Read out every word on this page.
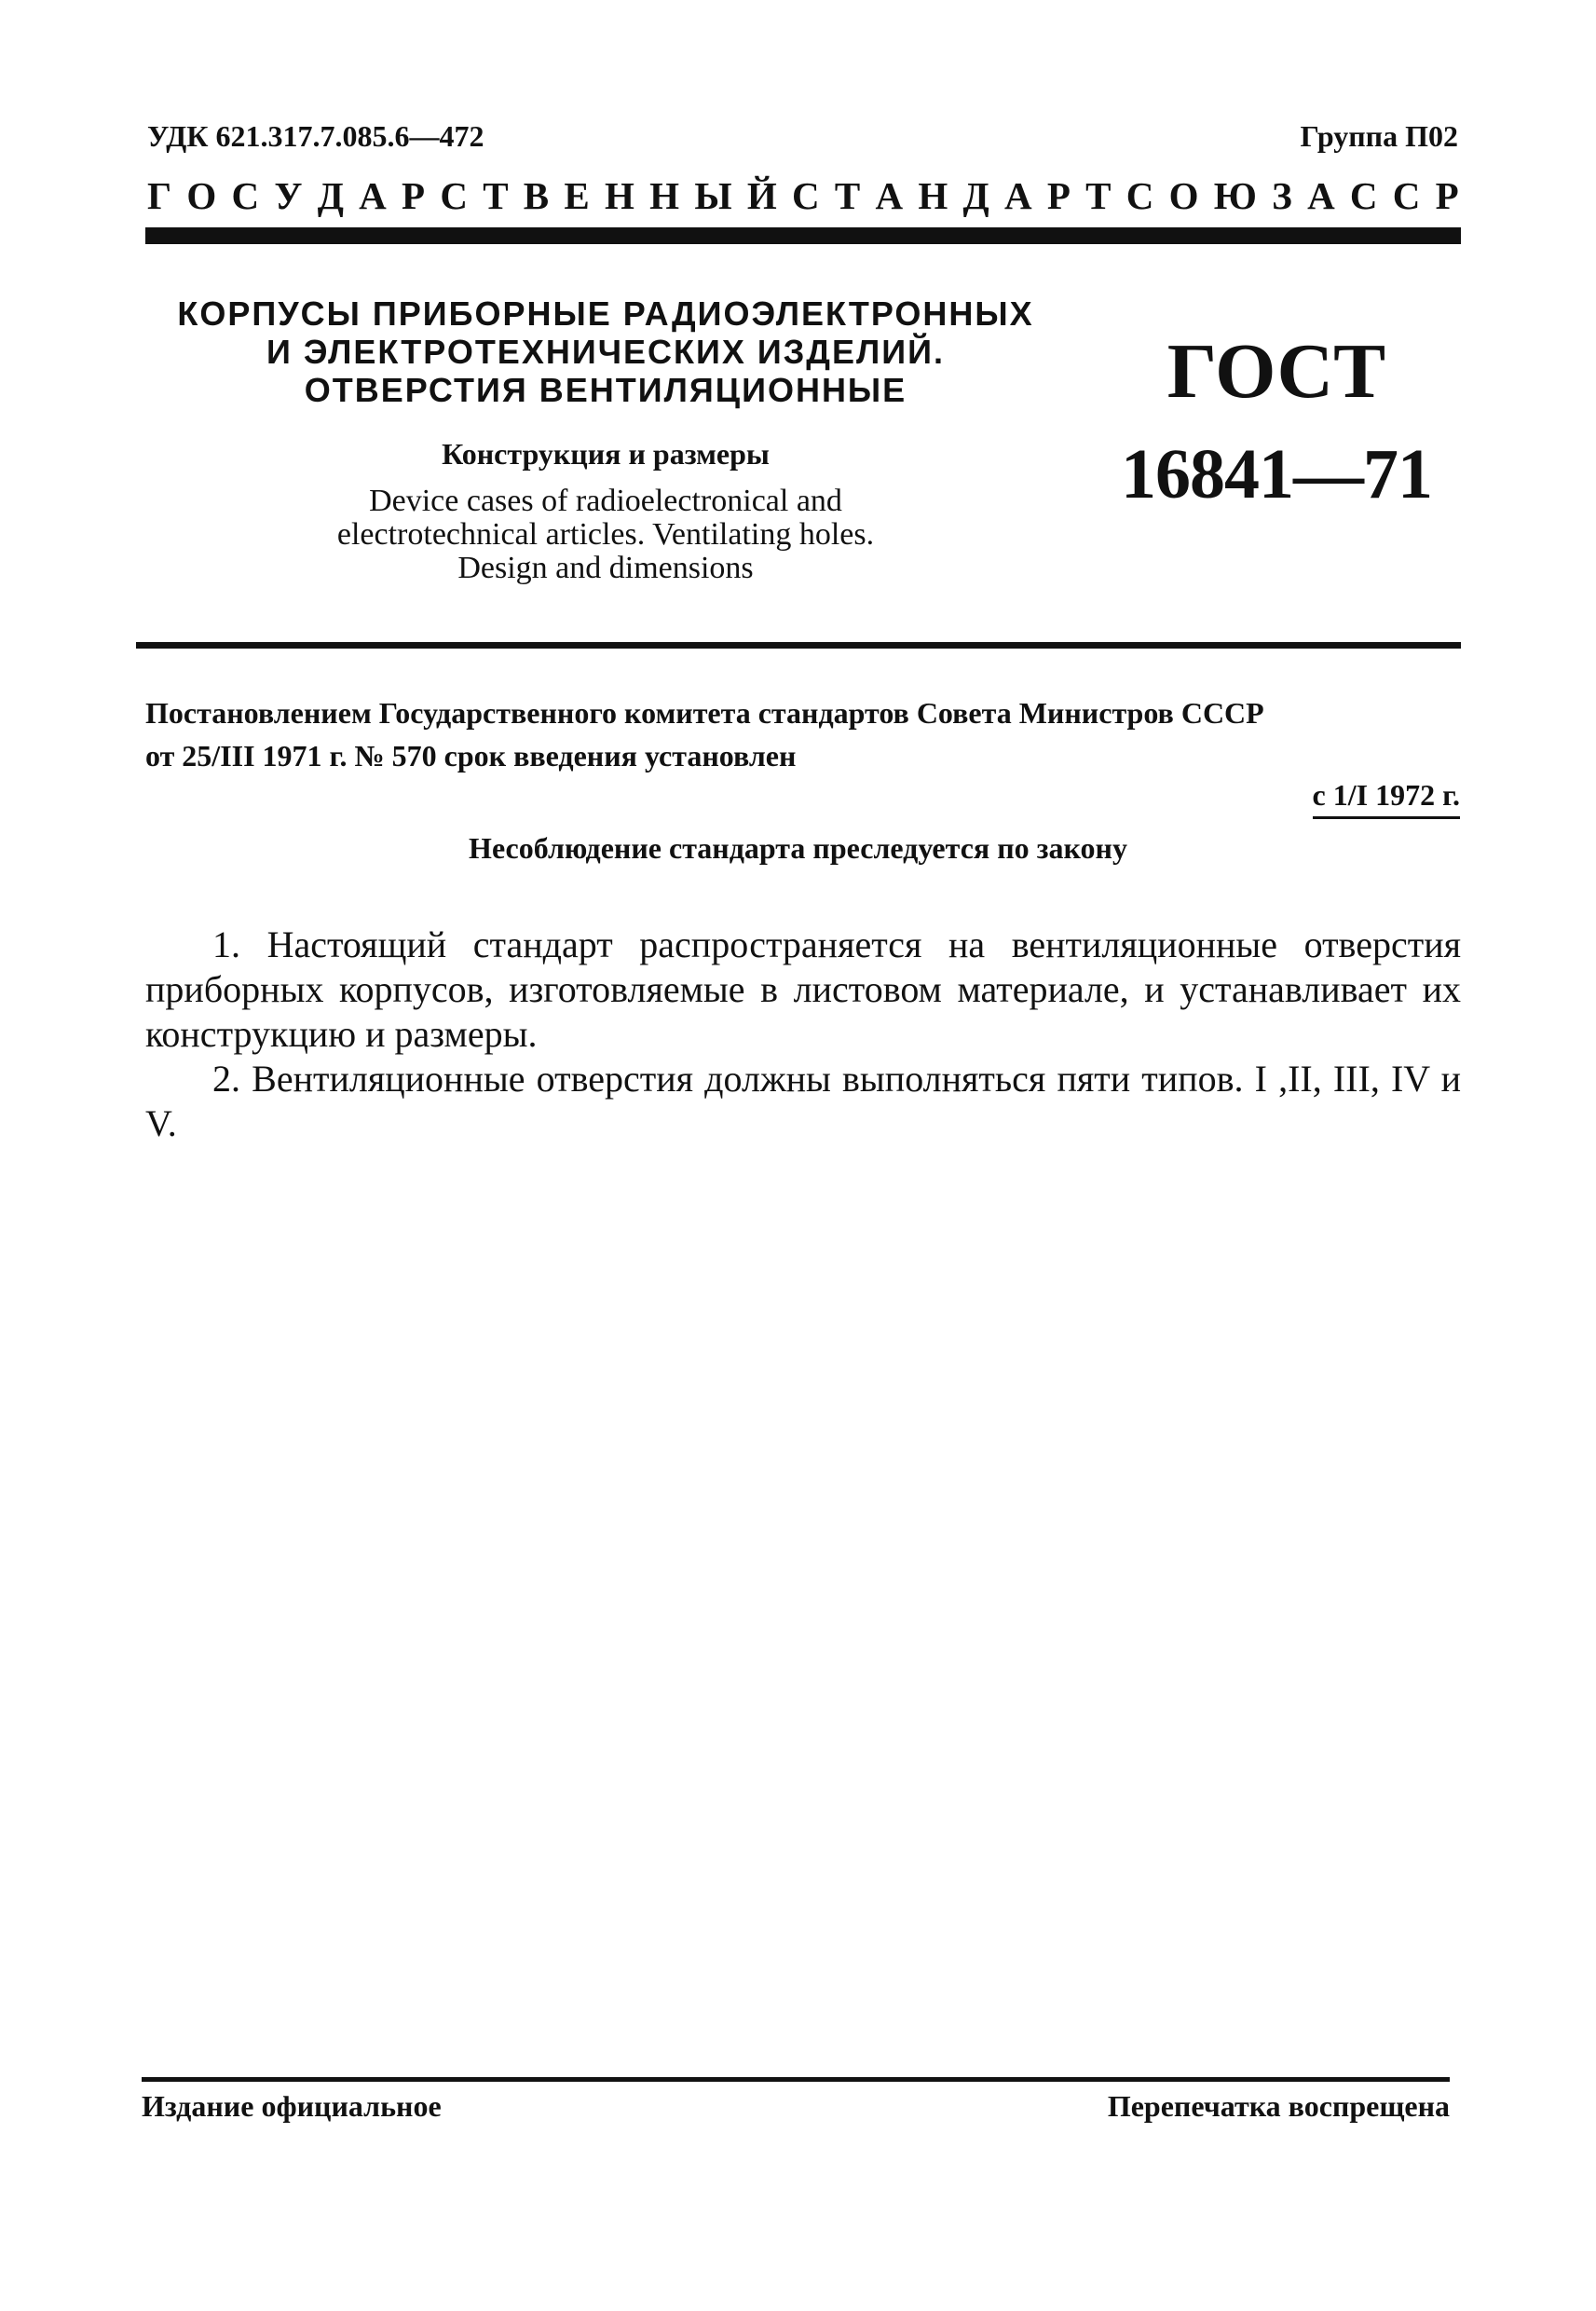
УДК 621.317.7.085.6—472	Группа П02
Г О С У Д А Р С Т В Е Н Н Ы Й С Т А Н Д А Р Т С О Ю З А С С Р
КОРПУСЫ ПРИБОРНЫЕ РАДИОЭЛЕКТРОННЫХ
И ЭЛЕКТРОТЕХНИЧЕСКИХ ИЗДЕЛИЙ.
ОТВЕРСТИЯ ВЕНТИЛЯЦИОННЫЕ
Конструкция и размеры
Device cases of radioelectronical and
electrotechnical articles. Ventilating holes.
Design and dimensions
ГОСТ
16841—71
Постановлением Государственного комитета стандартов Совета Министров СССР
от 25/III 1971 г. № 570 срок введения установлен
с 1/I 1972 г.
Несоблюдение стандарта преследуется по закону
1. Настоящий стандарт распространяется на вентиляционные отверстия приборных корпусов, изготовляемые в листовом материале, и устанавливает их конструкцию и размеры.
2. Вентиляционные отверстия должны выполняться пяти типов. I ,II, III, IV и V.
Издание официальное	Перепечатка воспрещена
